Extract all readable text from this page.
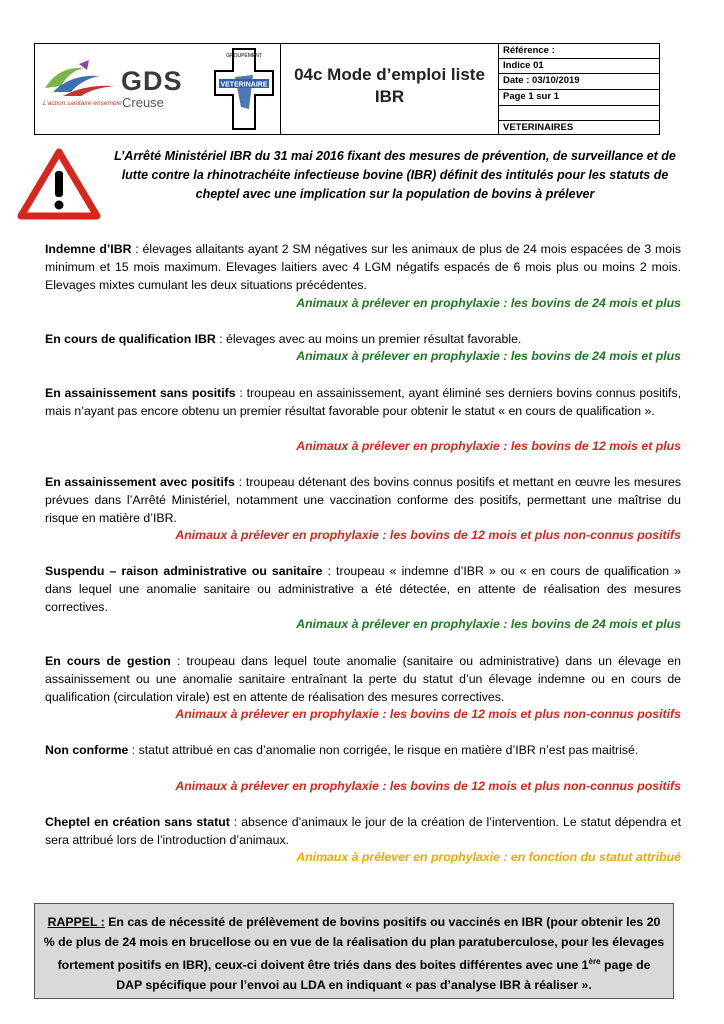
GDS
Creuse
L'action sanitaire ensemble
GROUPEMENT
VETERINAIRE
04c Mode d’emploi liste IBR
Référence :
Indice 01
Date : 03/10/2019
Page 1 sur 1
VETERINAIRES
L’Arrêté Ministériel IBR du 31 mai 2016 fixant des mesures de prévention, de surveillance et de lutte contre la rhinotrachéite infectieuse bovine (IBR) définit des intitulés pour les statuts de cheptel avec une implication sur la population de bovins à prélever
Indemne d’IBR : élevages allaitants ayant 2 SM négatives sur les animaux de plus de 24 mois espacées de 3 mois minimum et 15 mois maximum. Elevages laitiers avec 4 LGM négatifs espacés de 6 mois plus ou moins 2 mois. Elevages mixtes cumulant les deux situations précédentes.
Animaux à prélever en prophylaxie : les bovins de 24 mois et plus
En cours de qualification IBR : élevages avec au moins un premier résultat favorable.
Animaux à prélever en prophylaxie : les bovins de 24 mois et plus
En assainissement sans positifs : troupeau en assainissement, ayant éliminé ses derniers bovins connus positifs, mais n’ayant pas encore obtenu un premier résultat favorable pour obtenir le statut « en cours de qualification ».
Animaux à prélever en prophylaxie : les bovins de 12 mois et plus
En assainissement avec positifs : troupeau détenant des bovins connus positifs et mettant en œuvre les mesures prévues dans l’Arrêté Ministériel, notamment une vaccination conforme des positifs, permettant une maîtrise du risque en matière d’IBR.
Animaux à prélever en prophylaxie : les bovins de 12 mois et plus non-connus positifs
Suspendu – raison administrative ou sanitaire : troupeau « indemne d’IBR » ou « en cours de qualification » dans lequel une anomalie sanitaire ou administrative a été détectée, en attente de réalisation des mesures correctives.
Animaux à prélever en prophylaxie : les bovins de 24 mois et plus
En cours de gestion : troupeau dans lequel toute anomalie (sanitaire ou administrative) dans un élevage en assainissement ou une anomalie sanitaire entraînant la perte du statut d’un élevage indemne ou en cours de qualification (circulation virale) est en attente de réalisation des mesures correctives.
Animaux à prélever en prophylaxie : les bovins de 12 mois et plus non-connus positifs
Non conforme : statut attribué en cas d’anomalie non corrigée, le risque en matière d’IBR n’est pas maitrisé.
Animaux à prélever en prophylaxie : les bovins de 12 mois et plus non-connus positifs
Cheptel en création sans statut : absence d’animaux le jour de la création de l’intervention. Le statut dépendra et sera attribué lors de l’introduction d’animaux.
Animaux à prélever en prophylaxie : en fonction du statut attribué
RAPPEL : En cas de nécessité de prélèvement de bovins positifs ou vaccinés en IBR (pour obtenir les 20 % de plus de 24 mois en brucellose ou en vue de la réalisation du plan paratuberculose, pour les élevages fortement positifs en IBR), ceux-ci doivent être triés dans des boites différentes avec une 1ère page de DAP spécifique pour l’envoi au LDA en indiquant « pas d’analyse IBR à réaliser ».
